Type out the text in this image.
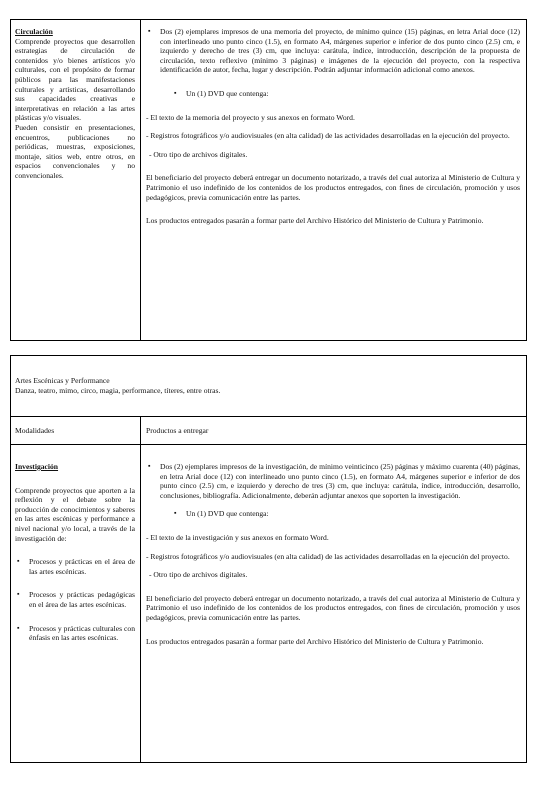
Circulación

Comprende proyectos que desarrollen estrategias de circulación de contenidos y/o bienes artísticos y/o culturales, con el propósito de formar públicos para las manifestaciones culturales y artísticas, desarrollando sus capacidades creativas e interpretativas en relación a las artes plásticas y/o visuales.

Pueden consistir en presentaciones, encuentros, publicaciones no periódicas, muestras, exposiciones, montaje, sitios web, entre otros, en espacios convencionales y no convencionales.

▪ Dos (2) ejemplares impresos de una memoria del proyecto, de mínimo quince (15) páginas, en letra Arial doce (12) con interlineado uno punto cinco (1.5), en formato A4, márgenes superior e inferior de dos punto cinco (2.5) cm, e izquierdo y derecho de tres (3) cm, que incluya: carátula, índice, introducción, descripción de la propuesta de circulación, texto reflexivo (mínimo 3 páginas) e imágenes de la ejecución del proyecto, con la respectiva identificación de autor, fecha, lugar y descripción. Podrán adjuntar información adicional como anexos.

▪ Un (1) DVD que contenga:

- El texto de la memoria del proyecto y sus anexos en formato Word.

- Registros fotográficos y/o audiovisuales (en alta calidad) de las actividades desarrolladas en la ejecución del proyecto.

- Otro tipo de archivos digitales.

El beneficiario del proyecto deberá entregar un documento notarizado, a través del cual autoriza al Ministerio de Cultura y Patrimonio el uso indefinido de los contenidos de los productos entregados, con fines de circulación, promoción y usos pedagógicos, previa comunicación entre las partes.

Los productos entregados pasarán a formar parte del Archivo Histórico del Ministerio de Cultura y Patrimonio.

Artes Escénicas y Performance

Danza, teatro, mimo, circo, magia, performance, títeres, entre otras.

Modalidades	Productos a entregar

Investigación

Comprende proyectos que aporten a la reflexión y el debate sobre la producción de conocimientos y saberes en las artes escénicas y performance a nivel nacional y/o local, a través de la investigación de:

▪ Procesos y prácticas en el área de las artes escénicas.

▪ Procesos y prácticas pedagógicas en el área de las artes escénicas.

▪ Procesos y prácticas culturales con énfasis en las artes escénicas.

▪ Dos (2) ejemplares impresos de la investigación, de mínimo veinticinco (25) páginas y máximo cuarenta (40) páginas, en letra Arial doce (12) con interlineado uno punto cinco (1.5), en formato A4, márgenes superior e inferior de dos punto cinco (2.5) cm, e izquierdo y derecho de tres (3) cm, que incluya: carátula, índice, introducción, desarrollo, conclusiones, bibliografía. Adicionalmente, deberán adjuntar anexos que soporten la investigación.

▪ Un (1) DVD que contenga:

- El texto de la investigación y sus anexos en formato Word.

- Registros fotográficos y/o audiovisuales (en alta calidad) de las actividades desarrolladas en la ejecución del proyecto.

- Otro tipo de archivos digitales.

El beneficiario del proyecto deberá entregar un documento notarizado, a través del cual autoriza al Ministerio de Cultura y Patrimonio el uso indefinido de los contenidos de los productos entregados, con fines de circulación, promoción y usos pedagógicos, previa comunicación entre las partes.

Los productos entregados pasarán a formar parte del Archivo Histórico del Ministerio de Cultura y Patrimonio.
